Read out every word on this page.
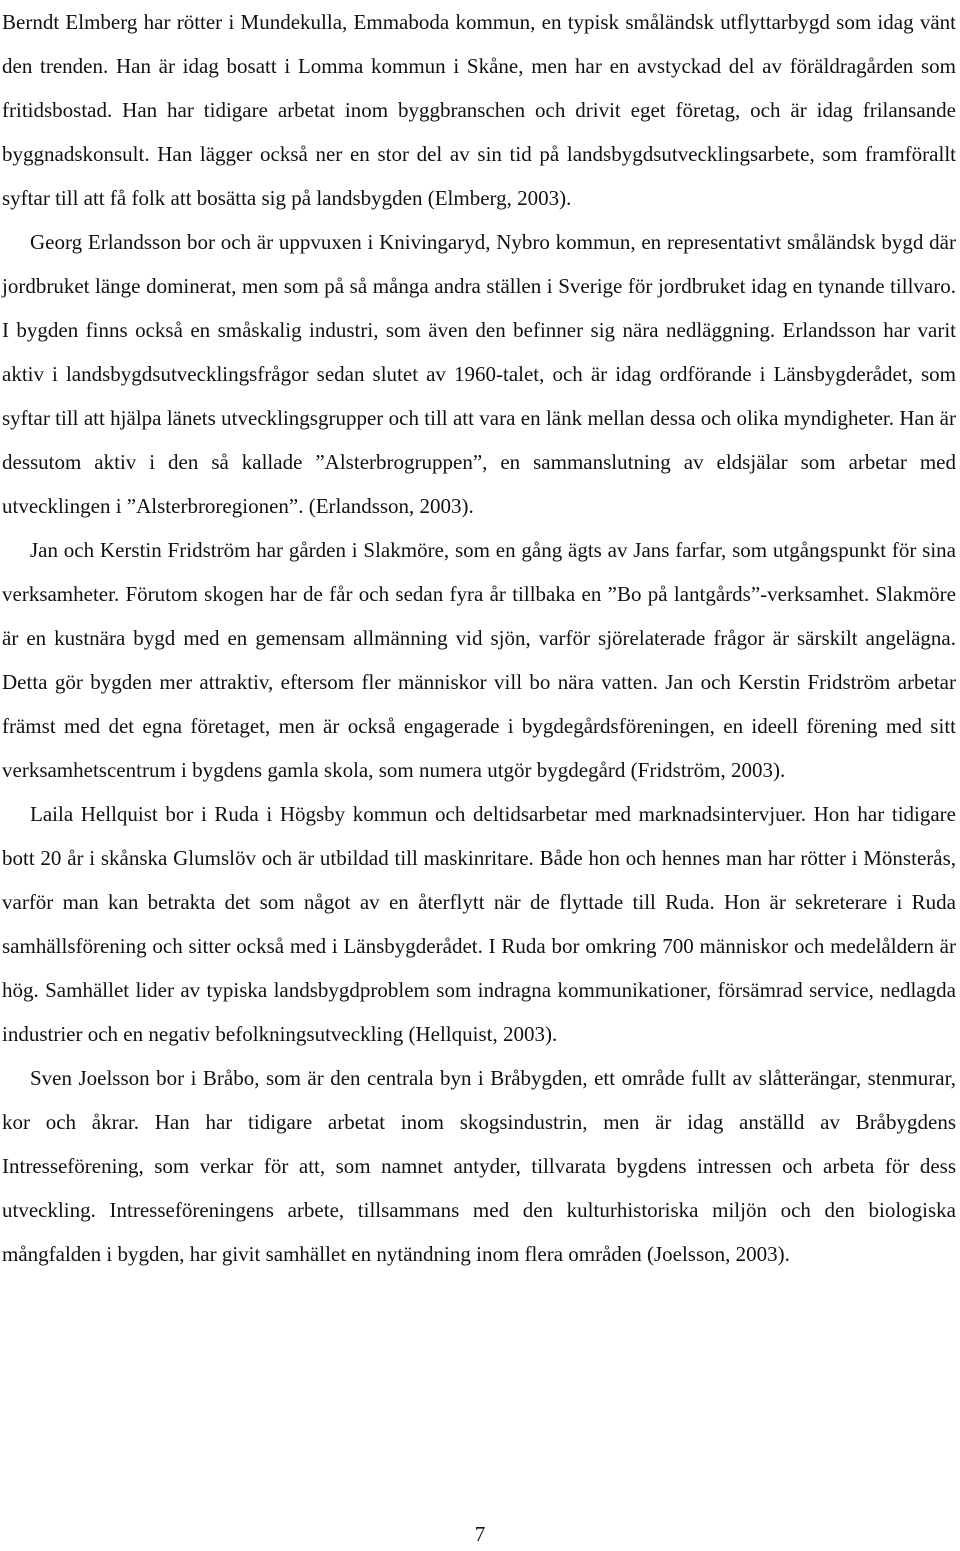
Berndt Elmberg har rötter i Mundekulla, Emmaboda kommun, en typisk småländsk utflyttarbygd som idag vänt den trenden. Han är idag bosatt i Lomma kommun i Skåne, men har en avstyckad del av föräldragården som fritidsbostad. Han har tidigare arbetat inom byggbranschen och drivit eget företag, och är idag frilansande byggnadskonsult. Han lägger också ner en stor del av sin tid på landsbygdsutvecklingsarbete, som framförallt syftar till att få folk att bosätta sig på landsbygden (Elmberg, 2003).

Georg Erlandsson bor och är uppvuxen i Knivingaryd, Nybro kommun, en representativt småländsk bygd där jordbruket länge dominerat, men som på så många andra ställen i Sverige för jordbruket idag en tynande tillvaro. I bygden finns också en småskalig industri, som även den befinner sig nära nedläggning. Erlandsson har varit aktiv i landsbygdsutvecklingsfrågor sedan slutet av 1960-talet, och är idag ordförande i Länsbygderådet, som syftar till att hjälpa länets utvecklingsgrupper och till att vara en länk mellan dessa och olika myndigheter. Han är dessutom aktiv i den så kallade ”Alsterbrogruppen”, en sammanslutning av eldsjälar som arbetar med utvecklingen i ”Alsterbroregionen”. (Erlandsson, 2003).

Jan och Kerstin Fridström har gården i Slakmöre, som en gång ägts av Jans farfar, som utgångspunkt för sina verksamheter. Förutom skogen har de får och sedan fyra år tillbaka en ”Bo på lantgårds”-verksamhet. Slakmöre är en kustnära bygd med en gemensam allmänning vid sjön, varför sjörelaterade frågor är särskilt angelägna. Detta gör bygden mer attraktiv, eftersom fler människor vill bo nära vatten. Jan och Kerstin Fridström arbetar främst med det egna företaget, men är också engagerade i bygdegårdsföreningen, en ideell förening med sitt verksamhetscentrum i bygdens gamla skola, som numera utgör bygdegård (Fridström, 2003).

Laila Hellquist bor i Ruda i Högsby kommun och deltidsarbetar med marknadsintervjuer. Hon har tidigare bott 20 år i skånska Glumslöv och är utbildad till maskinritare. Både hon och hennes man har rötter i Mönsterås, varför man kan betrakta det som något av en återflytt när de flyttade till Ruda. Hon är sekreterare i Ruda samhällsförening och sitter också med i Länsbygderådet. I Ruda bor omkring 700 människor och medelåldern är hög. Samhället lider av typiska landsbygdproblem som indragna kommunikationer, försämrad service, nedlagda industrier och en negativ befolkningsutveckling (Hellquist, 2003).

Sven Joelsson bor i Bråbo, som är den centrala byn i Bråbygden, ett område fullt av slåtterängar, stenmurar, kor och åkrar. Han har tidigare arbetat inom skogsindustrin, men är idag anställd av Bråbygdens Intresseförening, som verkar för att, som namnet antyder, tillvarata bygdens intressen och arbeta för dess utveckling. Intresseföreningens arbete, tillsammans med den kulturhistoriska miljön och den biologiska mångfalden i bygden, har givit samhället en nytändning inom flera områden (Joelsson, 2003).

7
